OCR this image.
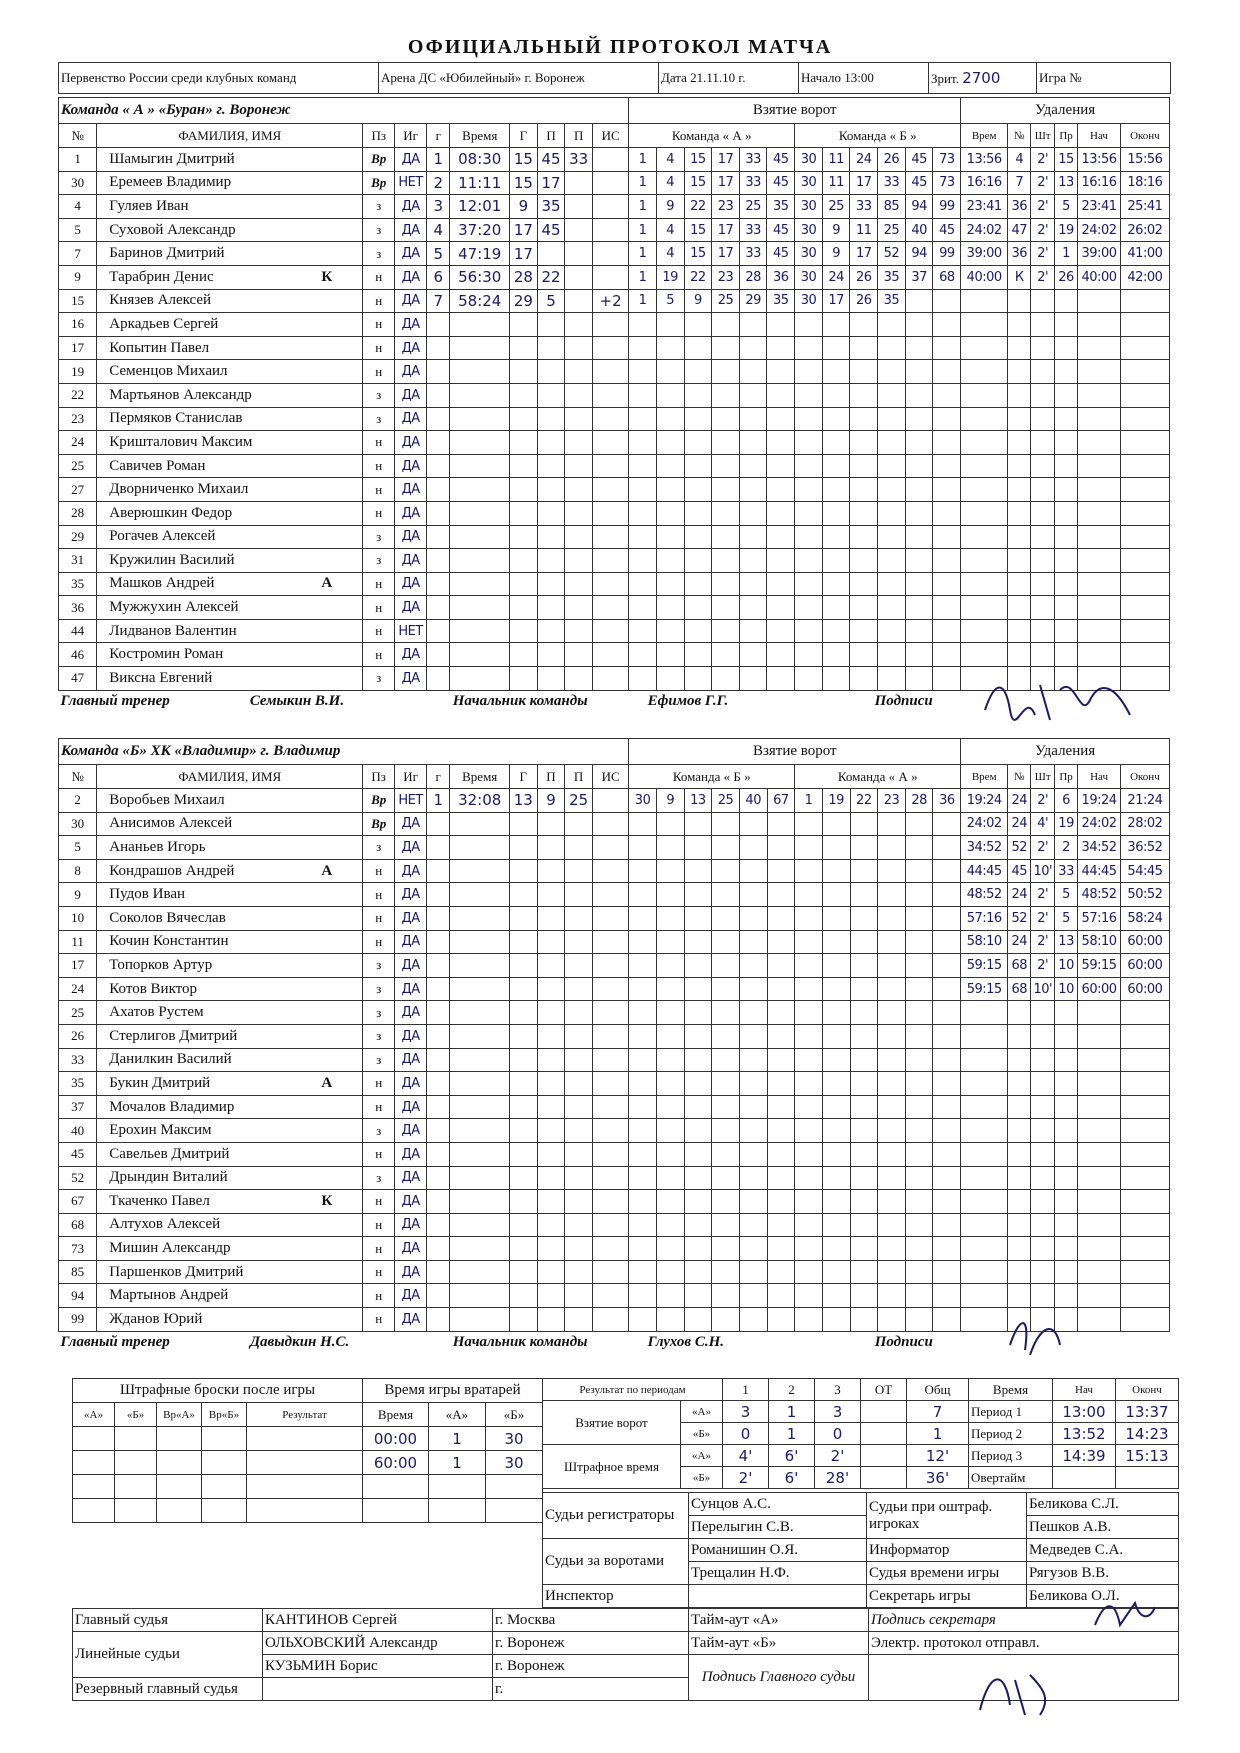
ОФИЦИАЛЬНЫЙ ПРОТОКОЛ МАТЧА
Первенство России среди клубных команд	Арена ДС «Юбилейный» г. Воронеж	Дата 21.11.10 г.	Начало 13:00	Зрит. 2700	Игра №
Команда « А » «Буран» г. Воронеж										Взятие ворот												Удаления					
№	ФАМИЛИЯ, ИМЯ	Пз	Иг	г	Время	Г	П	П	ИС	Команда « А »						Команда « Б »						Врем	№	Шт	Пр	Нач	Оконч
1	Шамыгин Дмитрий	Вр	ДА	1	08:30	15	45	33		1	4	15	17	33	45	30	11	24	26	45	73	13:56	4	2'	15	13:56	15:56
30	Еремеев Владимир	Вр	НЕТ	2	11:11	15	17			1	4	15	17	33	45	30	11	17	33	45	73	16:16	7	2'	13	16:16	18:16
4	Гуляев Иван	з	ДА	3	12:01	9	35			1	9	22	23	25	35	30	25	33	85	94	99	23:41	36	2'	5	23:41	25:41
5	Суховой Александр	з	ДА	4	37:20	17	45			1	4	15	17	33	45	30	9	11	25	40	45	24:02	47	2'	19	24:02	26:02
7	Баринов Дмитрий	з	ДА	5	47:19	17				1	4	15	17	33	45	30	9	17	52	94	99	39:00	36	2'	1	39:00	41:00
9	Тарабрин Денис К	н	ДА	6	56:30	28	22			1	19	22	23	28	36	30	24	26	35	37	68	40:00	К	2'	26	40:00	42:00
15	Князев Алексей	н	ДА	7	58:24	29	5		+2	1	5	9	25	29	35	30	17	26	35								
16	Аркадьев Сергей	н	ДА																								
17	Копытин Павел	н	ДА																								
19	Семенцов Михаил	н	ДА																								
22	Мартьянов Александр	з	ДА																								
23	Пермяков Станислав	з	ДА																								
24	Кришталович Максим	н	ДА																								
25	Савичев Роман	н	ДА																								
27	Дворниченко Михаил	н	ДА																								
28	Аверюшкин Федор	н	ДА																								
29	Рогачев Алексей	з	ДА																								
31	Кружилин Василий	з	ДА																								
35	Машков Андрей А	н	ДА																								
36	Мужжухин Алексей	н	ДА																								
44	Лидванов Валентин	н	НЕТ																								
46	Костромин Роман	н	ДА																								
47	Виксна Евгений	з	ДА																								
Главный тренер Семыкин В.И.		Начальник команды Ефимов Г.Г.														Подписи											
Команда «Б» ХК «Владимир» г. Владимир										Взятие ворот												Удаления					
№	ФАМИЛИЯ, ИМЯ	Пз	Иг	г	Время	Г	П	П	ИС	Команда « Б »						Команда « А »						Врем	№	Шт	Пр	Нач	Оконч
2	Воробьев Михаил	Вр	НЕТ	1	32:08	13	9	25		30	9	13	25	40	67	1	19	22	23	28	36	19:24	24	2'	6	19:24	21:24
30	Анисимов Алексей	Вр	ДА																			24:02	24	4'	19	24:02	28:02
5	Ананьев Игорь	з	ДА																			34:52	52	2'	2	34:52	36:52
8	Кондрашов Андрей А	н	ДА																			44:45	45	10'	33	44:45	54:45
9	Пудов Иван	н	ДА																			48:52	24	2'	5	48:52	50:52
10	Соколов Вячеслав	н	ДА																			57:16	52	2'	5	57:16	58:24
11	Кочин Константин	н	ДА																			58:10	24	2'	13	58:10	60:00
17	Топорков Артур	з	ДА																			59:15	68	2'	10	59:15	60:00
24	Котов Виктор	з	ДА																			59:15	68	10'	10	60:00	60:00
25	Ахатов Рустем	з	ДА																								
26	Стерлигов Дмитрий	з	ДА																								
33	Данилкин Василий	з	ДА																								
35	Букин Дмитрий А	н	ДА																								
37	Мочалов Владимир	н	ДА																								
40	Ерохин Максим	з	ДА																								
45	Савельев Дмитрий	н	ДА																								
52	Дрындин Виталий	з	ДА																								
67	Ткаченко Павел К	н	ДА																								
68	Алтухов Алексей	н	ДА																								
73	Мишин Александр	н	ДА																								
85	Паршенков Дмитрий	н	ДА																								
94	Мартынов Андрей	н	ДА																								
99	Жданов Юрий	н	ДА																								
Главный тренер Давыдкин Н.С.		Начальник команды Глухов С.Н.														Подписи											
Штрафные броски после игры				
«А»	«Б»	Вр«А»	Вр«Б»	Результат

Время игры вратарей		
Время	«А»	«Б»
00:00	1	30
60:00	1	30

Результат по периодам		1	2	3	ОТ	Общ
Взятие ворот	«А»	3	1	3		7
	«Б»	0	1	0		1
Штрафное время	«А»	4'	6'	2'		12'
	«Б»	2'	6'	28'		36'
Время	Нач	Оконч
Период 1	13:00	13:37
Период 2	13:52	14:23
Период 3	14:39	15:13
Овертайм		
Судьи регистраторы	Сунцов А.С.	Судьи при оштраф. игроках	Беликова С.Л.
	Перелыгин С.В.		Пешков А.В.
Судьи за воротами	Романишин О.Я.	Информатор	Медведев С.А.
	Трещалин Н.Ф.	Судья времени игры	Рягузов В.В.
Инспектор		Секретарь игры	Беликова О.Л.
Главный судья	КАНТИНОВ Сергей	г. Москва	Тайм-аут «А»	Подпись секретаря
Линейные судьи	ОЛЬХОВСКИЙ Александр	г. Воронеж	Тайм-аут «Б»	Электр. протокол отправл.
	КУЗЬМИН Борис	г. Воронеж	Подпись Главного судьи	
Резервный главный судья		г.		
